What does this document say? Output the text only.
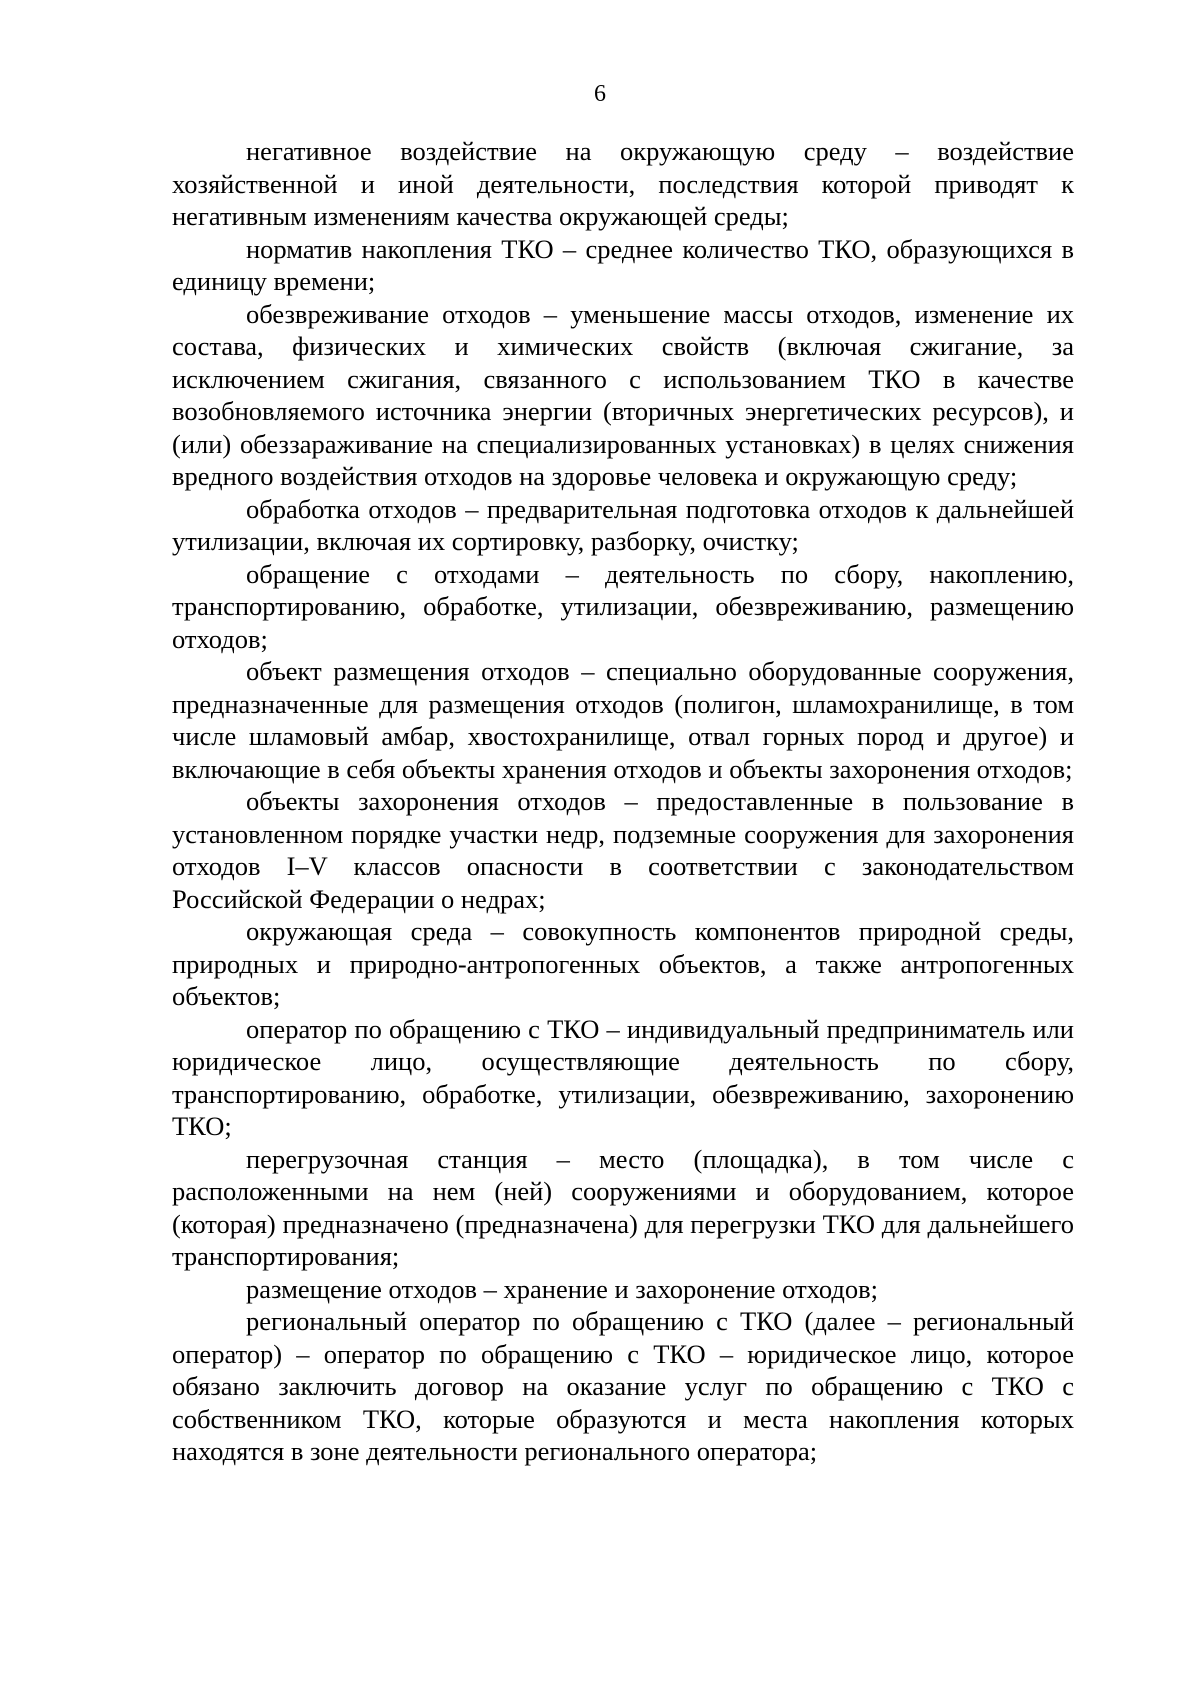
6

негативное воздействие на окружающую среду – воздействие хозяйственной и иной деятельности, последствия которой приводят к негативным изменениям качества окружающей среды;

норматив накопления ТКО – среднее количество ТКО, образующихся в единицу времени;

обезвреживание отходов – уменьшение массы отходов, изменение их состава, физических и химических свойств (включая сжигание, за исключением сжигания, связанного с использованием ТКО в качестве возобновляемого источника энергии (вторичных энергетических ресурсов), и (или) обеззараживание на специализированных установках) в целях снижения вредного воздействия отходов на здоровье человека и окружающую среду;

обработка отходов – предварительная подготовка отходов к дальнейшей утилизации, включая их сортировку, разборку, очистку;

обращение с отходами – деятельность по сбору, накоплению, транспортированию, обработке, утилизации, обезвреживанию, размещению отходов;

объект размещения отходов – специально оборудованные сооружения, предназначенные для размещения отходов (полигон, шламохранилище, в том числе шламовый амбар, хвостохранилище, отвал горных пород и другое) и включающие в себя объекты хранения отходов и объекты захоронения отходов;

объекты захоронения отходов – предоставленные в пользование в установленном порядке участки недр, подземные сооружения для захоронения отходов I–V классов опасности в соответствии с законодательством Российской Федерации о недрах;

окружающая среда – совокупность компонентов природной среды, природных и природно-антропогенных объектов, а также антропогенных объектов;

оператор по обращению с ТКО – индивидуальный предприниматель или юридическое лицо, осуществляющие деятельность по сбору, транспортированию, обработке, утилизации, обезвреживанию, захоронению ТКО;

перегрузочная станция – место (площадка), в том числе с расположенными на нем (ней) сооружениями и оборудованием, которое (которая) предназначено (предназначена) для перегрузки ТКО для дальнейшего транспортирования;

размещение отходов – хранение и захоронение отходов;

региональный оператор по обращению с ТКО (далее – региональный оператор) – оператор по обращению с ТКО – юридическое лицо, которое обязано заключить договор на оказание услуг по обращению с ТКО с собственником ТКО, которые образуются и места накопления которых находятся в зоне деятельности регионального оператора;
